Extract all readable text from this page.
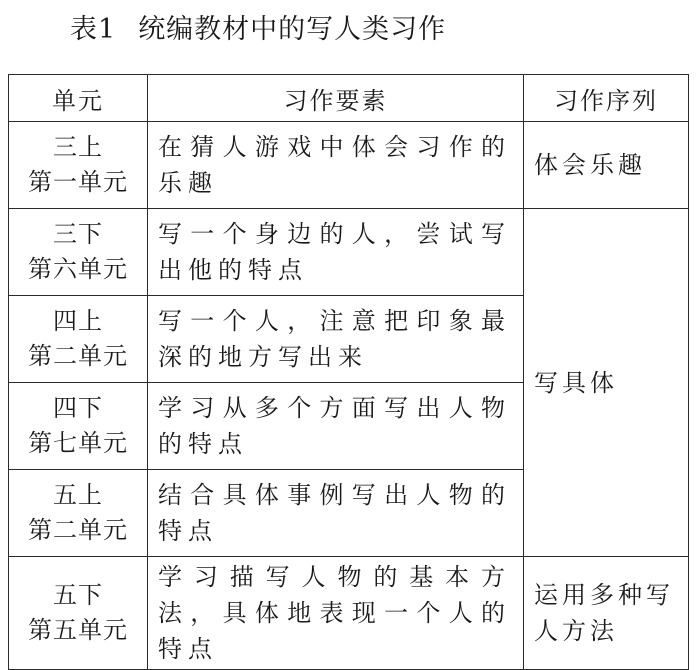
表1 统编教材中的写人类习作
单元	习作要素	习作序列

三上
第一单元	在猜人游戏中体会习作的乐趣	体会乐趣

三下
第六单元	写一个身边的人，尝试写出他的特点	写具体

四上
第二单元	写一个人，注意把印象最深的地方写出来	

四下
第七单元	学习从多个方面写出人物的特点	

五上
第二单元	结合具体事例写出人物的特点	

五下
第五单元	学习描写人物的基本方法，具体地表现一个人的特点	运用多种写人方法
